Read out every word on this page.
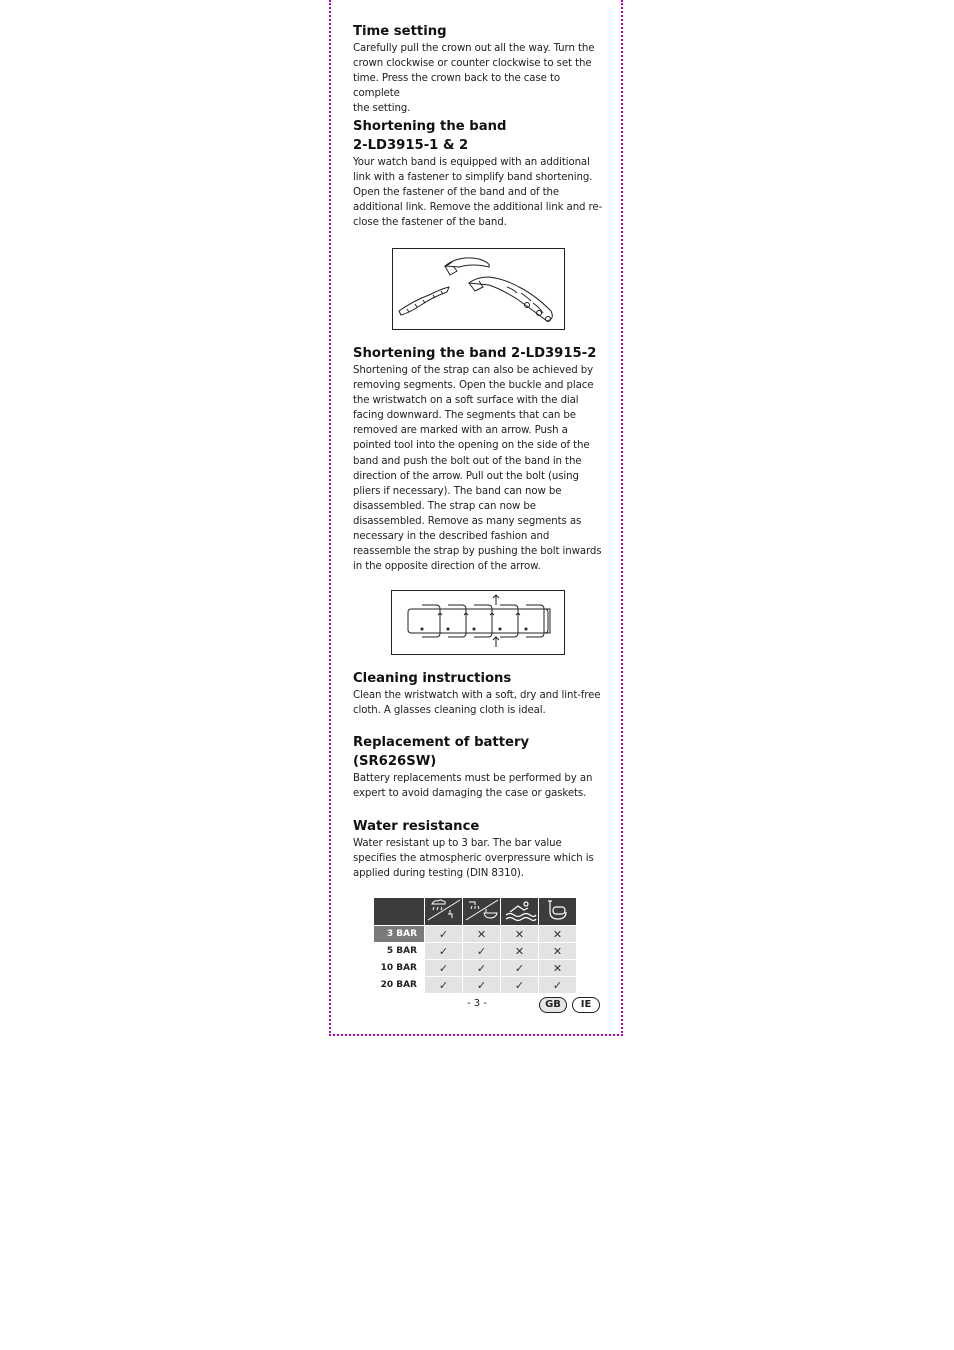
Time setting

Carefully pull the crown out all the way. Turn the
crown clockwise or counter clockwise to set the
time. Press the crown back to the case to complete
the setting.

Shortening the band
2-LD3915-1 & 2

Your watch band is equipped with an additional
link with a fastener to simplify band shortening.
Open the fastener of the band and of the
additional link. Remove the additional link and re-
close the fastener of the band.

Shortening the band 2-LD3915-2

Shortening of the strap can also be achieved by
removing segments. Open the buckle and place
the wristwatch on a soft surface with the dial
facing downward. The segments that can be
removed are marked with an arrow. Push a
pointed tool into the opening on the side of the
band and push the bolt out of the band in the
direction of the arrow. Pull out the bolt (using
pliers if necessary). The band can now be
disassembled. The strap can now be
disassembled. Remove as many segments as
necessary in the described fashion and
reassemble the strap by pushing the bolt inwards
in the opposite direction of the arrow.

Cleaning instructions

Clean the wristwatch with a soft, dry and lint-free
cloth. A glasses cleaning cloth is ideal.

Replacement of battery
(SR626SW)

Battery replacements must be performed by an
expert to avoid damaging the case or gaskets.

Water resistance

Water resistant up to 3 bar. The bar value
specifies the atmospheric overpressure which is
applied during testing (DIN 8310).

3 BAR	✓	✕	✕	✕
5 BAR	✓	✓	✕	✕
10 BAR	✓	✓	✓	✕
20 BAR	✓	✓	✓	✓
- 3 -	GB	IE
